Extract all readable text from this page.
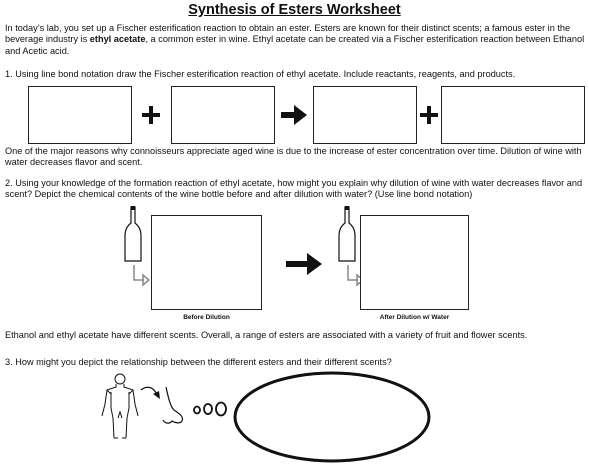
Synthesis of Esters Worksheet
In today’s lab, you set up a Fischer esterification reaction to obtain an ester. Esters are known for their distinct scents; a famous ester in the beverage industry is ethyl acetate, a common ester in wine. Ethyl acetate can be created via a Fischer esterification reaction between Ethanol and Acetic acid.
1. Using line bond notation draw the Fischer esterification reaction of ethyl acetate. Include reactants, reagents, and products.
One of the major reasons why connoisseurs appreciate aged wine is due to the increase of ester concentration over time. Dilution of wine with water decreases flavor and scent.
2. Using your knowledge of the formation reaction of ethyl acetate, how might you explain why dilution of wine with water decreases flavor and scent? Depict the chemical contents of the wine bottle before and after dilution with water? (Use line bond notation)
Before Dilution	After Dilution w/ Water
Ethanol and ethyl acetate have different scents. Overall, a range of esters are associated with a variety of fruit and flower scents.
3. How might you depict the relationship between the different esters and their different scents?
